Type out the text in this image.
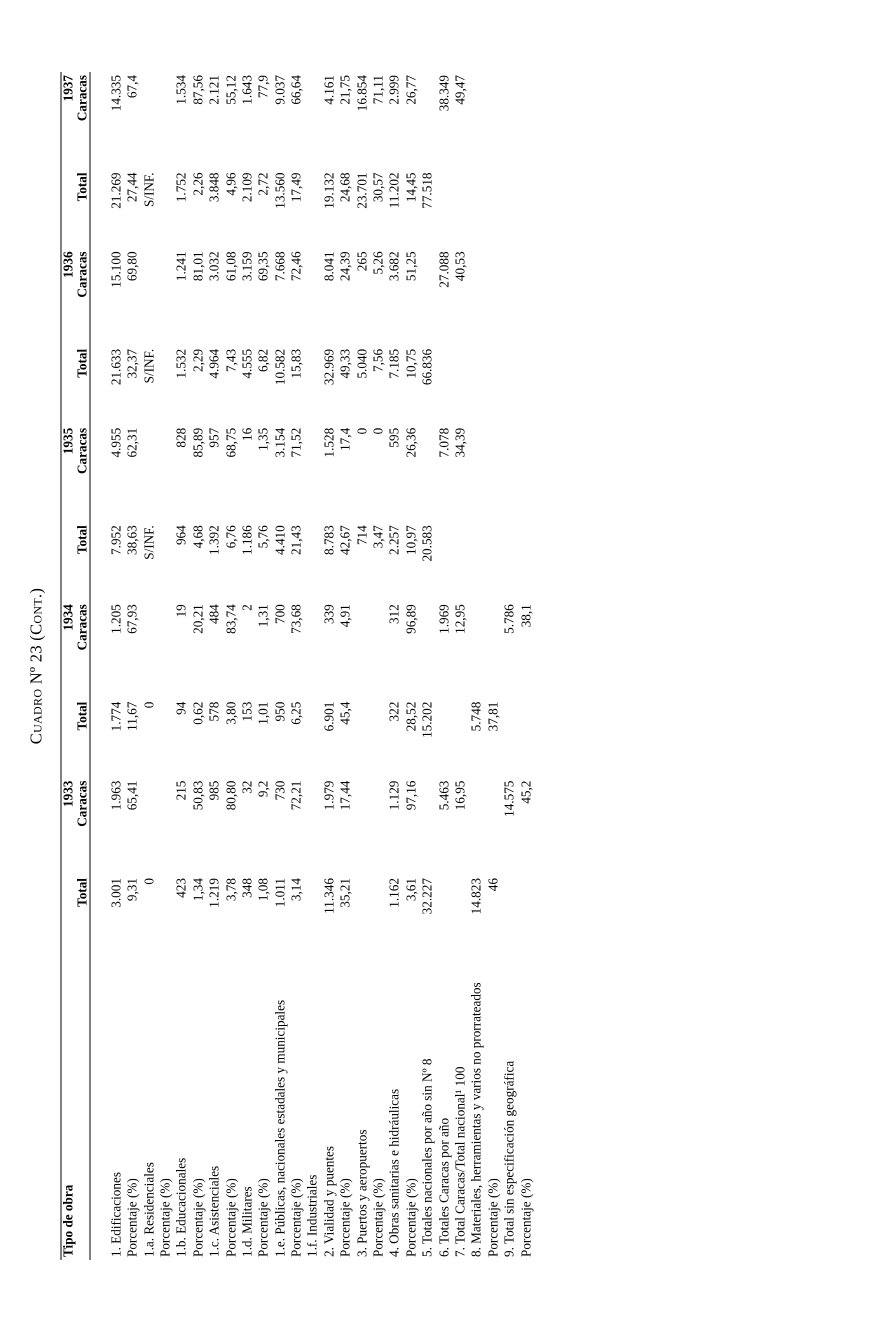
Cuadro Nº 23 (Cont.)
Tipo de obra	1933		1934		1935		1936		1937	
	Total	Caracas	Total	Caracas	Total	Caracas	Total	Caracas	Total	Caracas

1. Edificaciones	3.001	1.963	1.774	1.205	7.952	4.955	21.633	15.100	21.269	14.335
Porcentaje (%)	9,31	65,41	11,67	67,93	38,63	62,31	32,37	69,80	27,44	67,4
1.a. Residenciales	0		0		S/INF.		S/INF.		S/INF.	
Porcentaje (%)										
1.b. Educacionales	423	215	94	19	964	828	1.532	1.241	1.752	1.534
Porcentaje (%)	1,34	50,83	0,62	20,21	4,68	85,89	2,29	81,01	2,26	87,56
1.c. Asistenciales	1.219	985	578	484	1.392	957	4.964	3.032	3.848	2.121
Porcentaje (%)	3,78	80,80	3,80	83,74	6,76	68,75	7,43	61,08	4,96	55,12
1.d. Militares	348	32	153	2	1.186	16	4.555	3.159	2.109	1.643
Porcentaje (%)	1,08	9,2	1,01	1,31	5,76	1,35	6,82	69,35	2,72	77,9
1.e. Públicas, nacionales estadales y municipales	1.011	730	950	700	4.410	3.154	10.582	7.668	13.560	9.037
Porcentaje (%)	3,14	72,21	6,25	73,68	21,43	71,52	15,83	72,46	17,49	66,64
1.f. Industriales										
2. Vialidad y puentes	11.346	1.979	6.901	339	8.783	1.528	32.969	8.041	19.132	4.161
Porcentaje (%)	35,21	17,44	45,4	4,91	42,67	17,4	49,33	24,39	24,68	21,75
3. Puertos y aeropuertos					714	0	5.040	265	23.701	16.854
Porcentaje (%)					3,47	0	7,56	5,26	30,57	71,11
4. Obras sanitarias e hidráulicas	1.162	1.129	322	312	2.257	595	7.185	3.682	11.202	2.999
Porcentaje (%)	3,61	97,16	28,52	96,89	10,97	26,36	10,75	51,25	14,45	26,77
5. Totales nacionales por año sin Nº 8	32.227		15.202		20.583		66.836		77.518	
6. Totales Caracas por año		5.463		1.969		7.078		27.088		38.349
7. Total Caracas/Total nacional¹ 100		16,95		12,95		34,39		40,53		49,47
8. Materiales, herramientas y varios no prorrateados	14.823		5.748							
Porcentaje (%)	46		37,81							
9. Total sin especificación geográfica		14.575		5.786						
Porcentaje (%)		45,2		38,1						
